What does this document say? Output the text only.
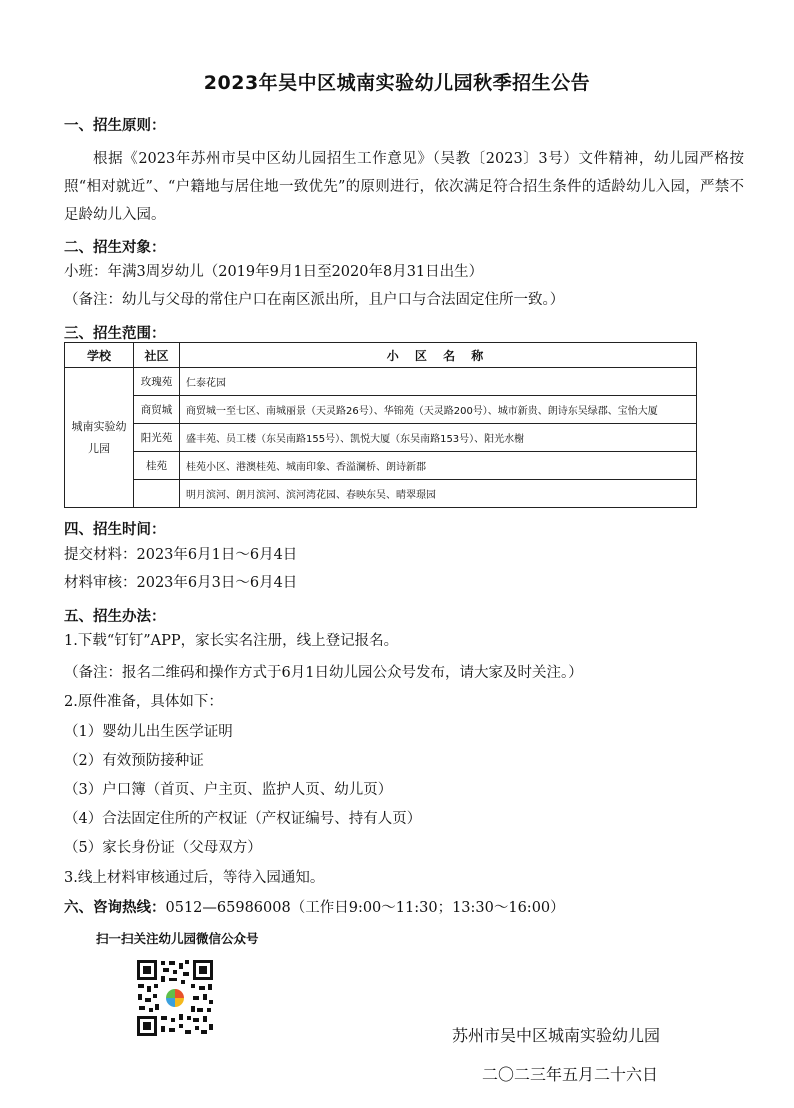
2023年吴中区城南实验幼儿园秋季招生公告
一、招生原则：
根据《2023年苏州市吴中区幼儿园招生工作意见》（吴教〔2023〕3号）文件精神，幼儿园严格按照“相对就近”、“户籍地与居住地一致优先”的原则进行，依次满足符合招生条件的适龄幼儿入园，严禁不足龄幼儿入园。
二、招生对象：
小班：年满3周岁幼儿（2019年9月1日至2020年8月31日出生）
（备注：幼儿与父母的常住户口在南区派出所，且户口与合法固定住所一致。）
三、招生范围：
学校	社区	小 区 名 称

城南实验幼儿园	玫瑰苑	仁泰花园
	商贸城	商贸城一至七区、南城丽景（天灵路26号）、华锦苑（天灵路200号）、城市新贵、朗诗东吴绿郡、宝怡大厦
	阳光苑	盛丰苑、员工楼（东吴南路155号）、凯悦大厦（东吴南路153号）、阳光水榭
	桂苑	桂苑小区、港澳桂苑、城南印象、香溢澜桥、朗诗新郡
		明月滨河、朗月滨河、滨河湾花园、春映东吴、晴翠璟园
四、招生时间：
提交材料：2023年6月1日～6月4日
材料审核：2023年6月3日～6月4日
五、招生办法：
1.下载“钉钉”APP，家长实名注册，线上登记报名。
（备注：报名二维码和操作方式于6月1日幼儿园公众号发布，请大家及时关注。）
2.原件准备，具体如下：
（1）婴幼儿出生医学证明
（2）有效预防接种证
（3）户口簿（首页、户主页、监护人页、幼儿页）
（4）合法固定住所的产权证（产权证编号、持有人页）
（5）家长身份证（父母双方）
3.线上材料审核通过后，等待入园通知。
六、咨询热线：0512—65986008（工作日9:00～11:30；13:30～16:00）
扫一扫关注幼儿园微信公众号
苏州市吴中区城南实验幼儿园
二〇二三年五月二十六日
